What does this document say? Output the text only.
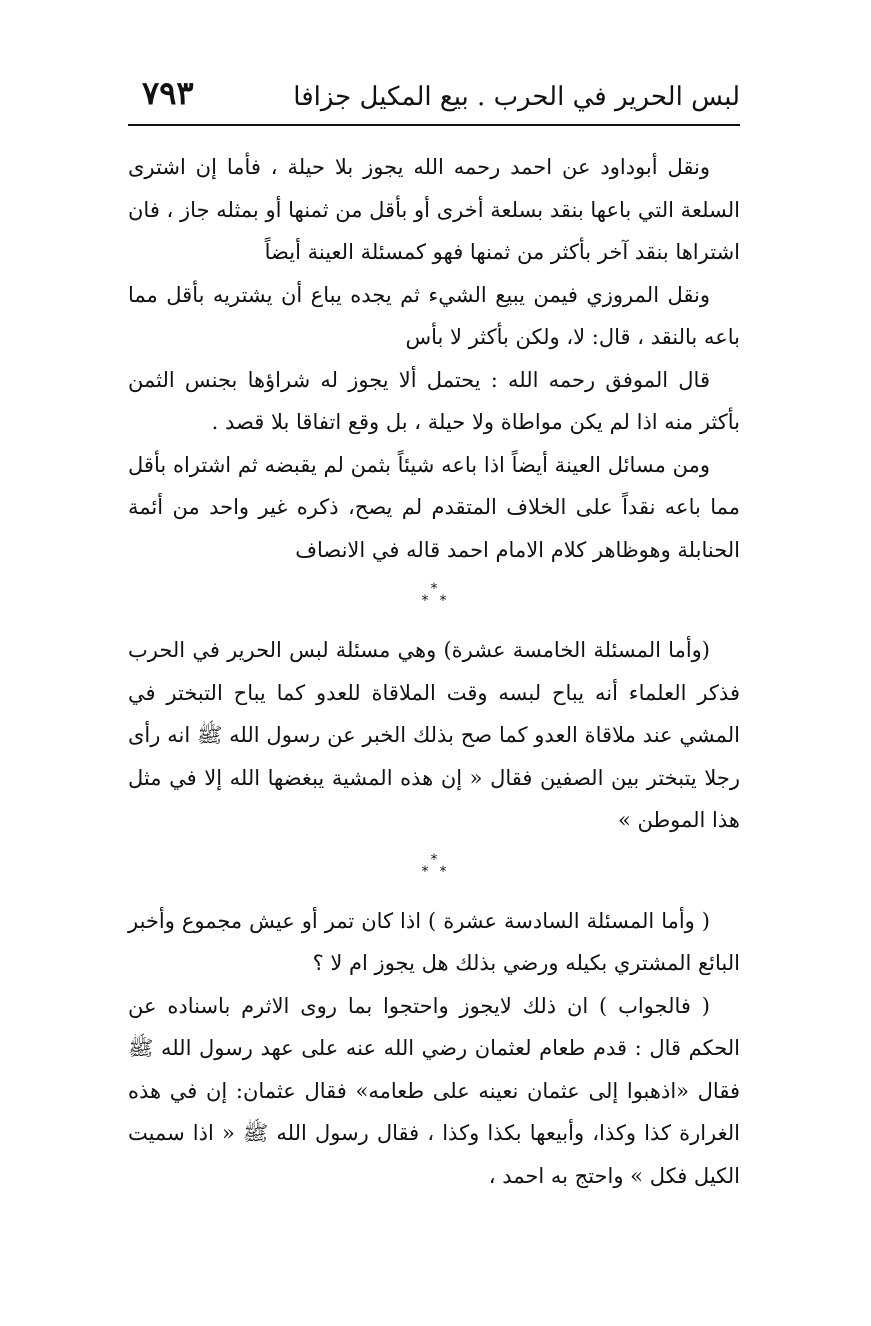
لبس الحرير في الحرب . بيع المكيل جزافا
٧٩٣

ونقل أبوداود عن احمد رحمه الله يجوز بلا حيلة ، فأما إن اشترى السلعة التي باعها بنقد بسلعة أخرى أو بأقل من ثمنها أو بمثله جاز ، فان اشتراها بنقد آخر بأكثر من ثمنها فهو كمسئلة العينة أيضاً

ونقل المروزي فيمن يبيع الشيء ثم يجده يباع أن يشتريه بأقل مما باعه بالنقد ، قال: لا، ولكن بأكثر لا بأس

قال الموفق رحمه الله : يحتمل ألا يجوز له شراؤها بجنس الثمن بأكثر منه اذا لم يكن مواطاة ولا حيلة ، بل وقع اتفاقا بلا قصد .

ومن مسائل العينة أيضاً اذا باعه شيئاً بثمن لم يقبضه ثم اشتراه بأقل مما باعه نقداً على الخلاف المتقدم لم يصح، ذكره غير واحد من أئمة الحنابلة وهوظاهر كلام الامام احمد قاله في الانصاف

*
* *

(وأما المسئلة الخامسة عشرة) وهي مسئلة لبس الحرير في الحرب فذكر العلماء أنه يباح لبسه وقت الملاقاة للعدو كما يباح التبختر في المشي عند ملاقاة العدو كما صح بذلك الخبر عن رسول الله ﷺ انه رأى رجلا يتبختر بين الصفين فقال « إن هذه المشية يبغضها الله إلا في مثل هذا الموطن »

*
* *

( وأما المسئلة السادسة عشرة ) اذا كان تمر أو عيش مجموع وأخبر البائع المشتري بكيله ورضي بذلك هل يجوز ام لا ؟

( فالجواب ) ان ذلك لايجوز واحتجوا بما روى الاثرم باسناده عن الحكم قال : قدم طعام لعثمان رضي الله عنه على عهد رسول الله ﷺ فقال «اذهبوا إلى عثمان نعينه على طعامه» فقال عثمان: إن في هذه الغرارة كذا وكذا، وأبيعها بكذا وكذا ، فقال رسول الله ﷺ « اذا سميت الكيل فكل » واحتج به احمد ،
